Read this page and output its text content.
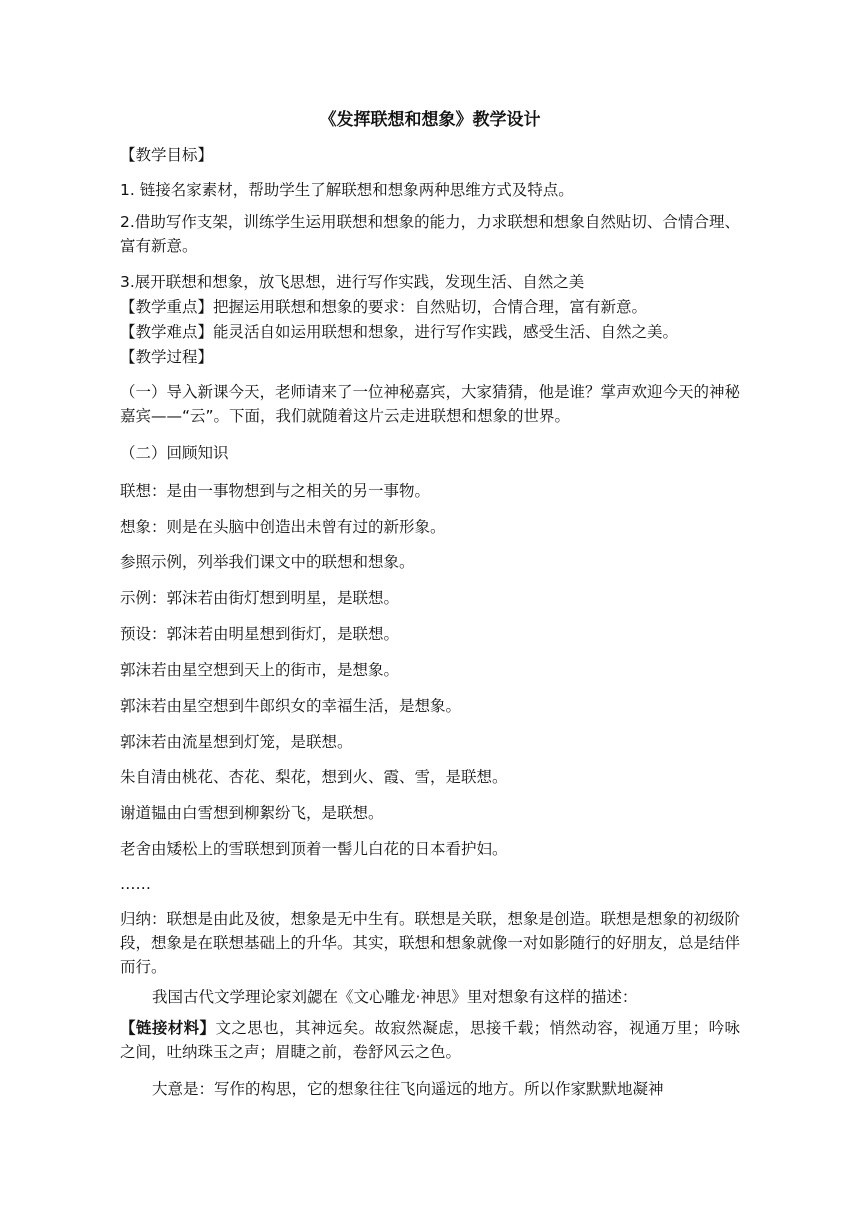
《发挥联想和想象》教学设计
【教学目标】
1. 链接名家素材，帮助学生了解联想和想象两种思维方式及特点。
2.借助写作支架，训练学生运用联想和想象的能力，力求联想和想象自然贴切、合情合理、富有新意。
3.展开联想和想象，放飞思想，进行写作实践，发现生活、自然之美
【教学重点】把握运用联想和想象的要求：自然贴切，合情合理，富有新意。
【教学难点】能灵活自如运用联想和想象，进行写作实践，感受生活、自然之美。
【教学过程】
（一）导入新课今天，老师请来了一位神秘嘉宾，大家猜猜，他是谁？掌声欢迎今天的神秘嘉宾——“云”。下面，我们就随着这片云走进联想和想象的世界。
（二）回顾知识
联想：是由一事物想到与之相关的另一事物。
想象：则是在头脑中创造出未曾有过的新形象。
参照示例，列举我们课文中的联想和想象。
示例：郭沫若由街灯想到明星，是联想。
预设：郭沫若由明星想到街灯，是联想。
郭沫若由星空想到天上的街市，是想象。
郭沫若由星空想到牛郎织女的幸福生活，是想象。
郭沫若由流星想到灯笼，是联想。
朱自清由桃花、杏花、梨花，想到火、霞、雪，是联想。
谢道韫由白雪想到柳絮纷飞，是联想。
老舍由矮松上的雪联想到顶着一髻儿白花的日本看护妇。
……
归纳：联想是由此及彼，想象是无中生有。联想是关联，想象是创造。联想是想象的初级阶段，想象是在联想基础上的升华。其实，联想和想象就像一对如影随行的好朋友，总是结伴而行。
我国古代文学理论家刘勰在《文心雕龙·神思》里对想象有这样的描述：
【链接材料】文之思也，其神远矣。故寂然凝虑，思接千载；悄然动容，视通万里；吟咏之间，吐纳珠玉之声；眉睫之前，卷舒风云之色。
大意是：写作的构思，它的想象往往飞向遥远的地方。所以作家默默地凝神
